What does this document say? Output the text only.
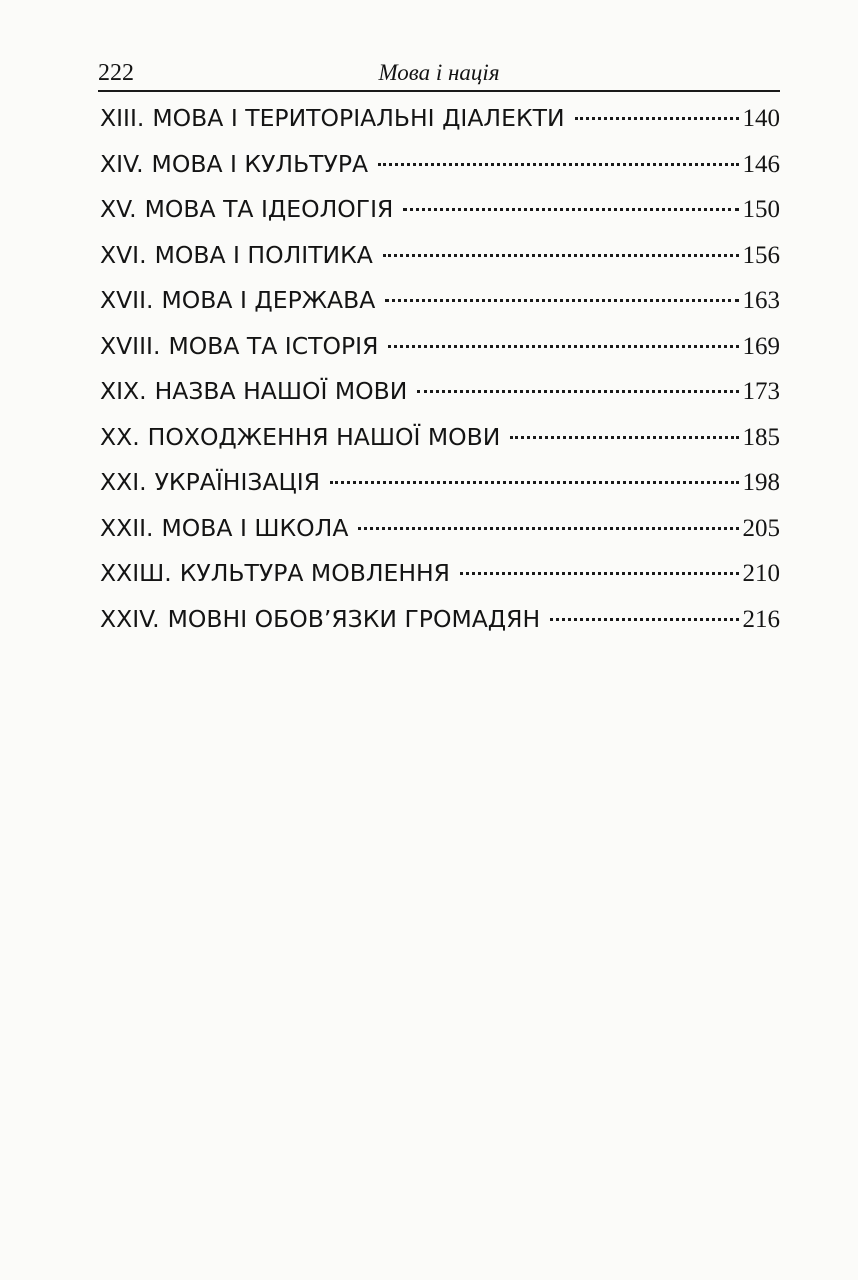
222	Мова і нація
XIII. МОВА І ТЕРИТОРІАЛЬНІ ДІАЛЕКТИ	140
XIV. МОВА І КУЛЬТУРА	146
XV. МОВА ТА ІДЕОЛОГІЯ	150
XVI. МОВА І ПОЛІТИКА	156
XVII. МОВА І ДЕРЖАВА	163
XVIII. МОВА ТА ІСТОРІЯ	169
XIX. НАЗВА НАШОЇ МОВИ	173
XX. ПОХОДЖЕННЯ НАШОЇ МОВИ	185
XXI. УКРАЇНІЗАЦІЯ	198
XXII. МОВА І ШКОЛА	205
XXIШ. КУЛЬТУРА МОВЛЕННЯ	210
XXIV. МОВНІ ОБОВ’ЯЗКИ ГРОМАДЯН	216
